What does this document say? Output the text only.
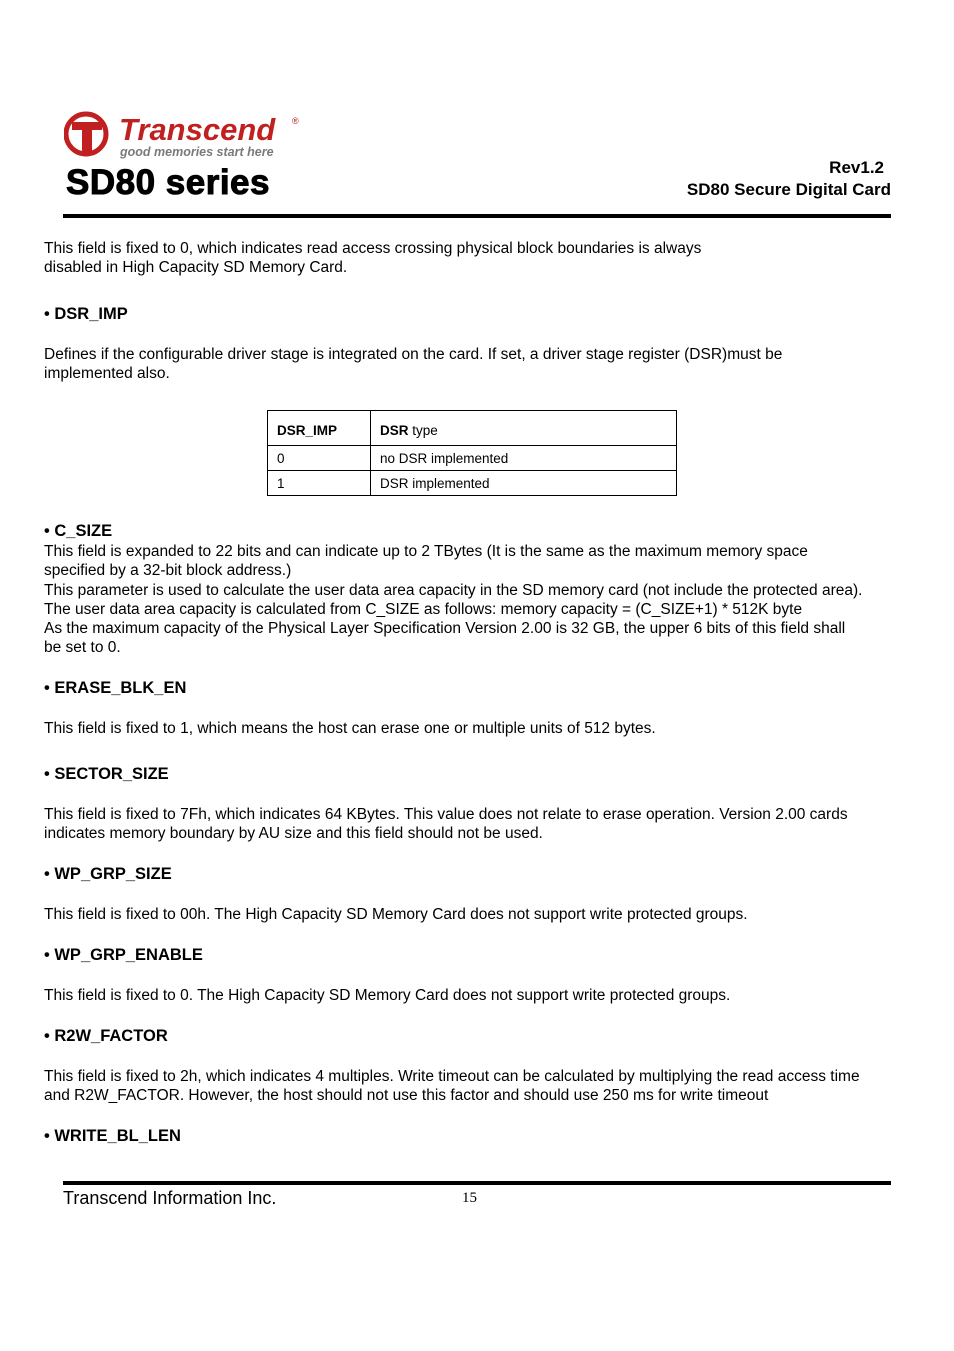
Transcend ®
good memories start here
SD80 series	Rev1.2
SD80 Secure Digital Card
This field is fixed to 0, which indicates read access crossing physical block boundaries is always
disabled in High Capacity SD Memory Card.
• DSR_IMP
Defines if the configurable driver stage is integrated on the card. If set, a driver stage register (DSR)must be
implemented also.
DSR_IMP	DSR type
0	no DSR implemented
1	DSR implemented
• C_SIZE
This field is expanded to 22 bits and can indicate up to 2 TBytes (It is the same as the maximum memory space
specified by a 32-bit block address.)
This parameter is used to calculate the user data area capacity in the SD memory card (not include the protected area).
The user data area capacity is calculated from C_SIZE as follows: memory capacity = (C_SIZE+1) * 512K byte
As the maximum capacity of the Physical Layer Specification Version 2.00 is 32 GB, the upper 6 bits of this field shall
be set to 0.
• ERASE_BLK_EN
This field is fixed to 1, which means the host can erase one or multiple units of 512 bytes.
• SECTOR_SIZE
This field is fixed to 7Fh, which indicates 64 KBytes. This value does not relate to erase operation. Version 2.00 cards
indicates memory boundary by AU size and this field should not be used.
• WP_GRP_SIZE
This field is fixed to 00h. The High Capacity SD Memory Card does not support write protected groups.
• WP_GRP_ENABLE
This field is fixed to 0. The High Capacity SD Memory Card does not support write protected groups.
• R2W_FACTOR
This field is fixed to 2h, which indicates 4 multiples. Write timeout can be calculated by multiplying the read access time
and R2W_FACTOR. However, the host should not use this factor and should use 250 ms for write timeout
• WRITE_BL_LEN
Transcend Information Inc.	15
